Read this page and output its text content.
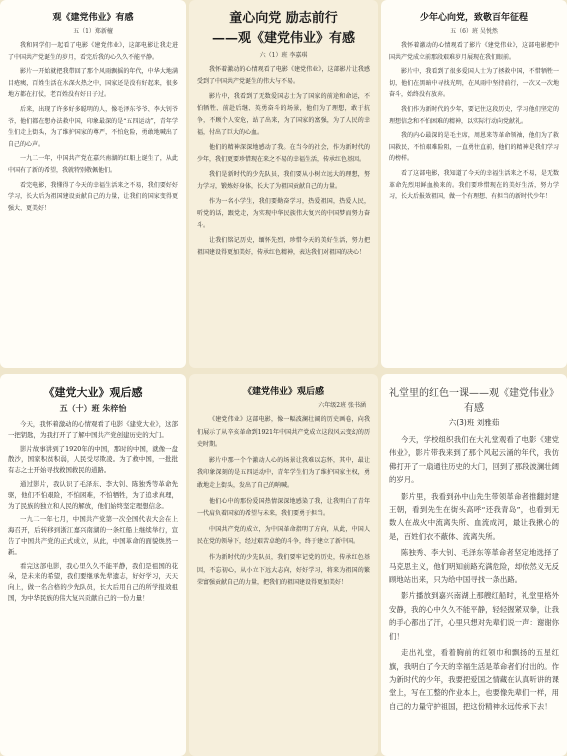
观《建党伟业》有感
五（1）郑新檀

我和同学们一起看了电影《建党伟业》，这部电影让我走进了中国共产党诞生的岁月，看完后我的心久久不能平静。

影片一开始就把我带回了那个风雨飘摇的年代，中华大地满目疮痍，百姓生活在水深火热之中，国家还是没有好起来，很多地方都在打仗，老百姓没有好日子过。

后来，出现了许多好多聪明的人，像毛泽东爷爷、李大钊爷爷，他们都在想办法救中国，印象最深的是“五四运动”，青年学生们走上街头，为了维护国家的尊严，不怕危险，勇敢地喊出了自己的心声。

一九二一年，中国共产党在嘉兴南湖的红船上诞生了，从此中国有了新的希望，我就特别敬佩他们。

看完电影，我懂得了今天的幸福生活来之不易，我们要好好学习，长大后为祖国建设贡献自己的力量，让我们的国家变得更强大、更美好！

童心向党 励志前行
——观《建党伟业》有感
六（1）班 李嘉琪

我怀着激动的心情观看了电影《建党伟业》，这部影片让我感受到了中国共产党诞生的伟大与不易。

影片中，我看到了无数爱国志士为了国家的前途和命运，不怕牺牲、前赴后继、英勇奋斗的场景，他们为了理想，敢于抗争，不顾个人安危，站了出来，为了国家的富强，为了人民的幸福，付出了巨大的心血。

他们的精神深深地感动了我。在当今的社会，作为新时代的少年，我们更要珍惜现在来之不易的幸福生活，传承红色基因。

我们是新时代的少先队员，我们要从小树立远大的理想，努力学习，锻炼好身体，长大了为祖国贡献自己的力量。

作为一名小学生，我们要勤奋学习，热爱祖国，热爱人民，听党的话，跟党走，为实现中华民族伟大复兴的中国梦而努力奋斗。

让我们铭记历史，缅怀先烈，珍惜今天的美好生活，努力把祖国建设得更加美好，传承红色精神，表达我们对祖国的决心！

少年心向党，致敬百年征程
五（6）班 吴悦然

我怀着激动的心情观看了影片《建党伟业》，这部电影把中国共产党成立前那段艰难岁月展现在我们眼前。

影片中，我看到了很多爱国人士为了拯救中国，不惜牺牲一切，他们在黑暗中寻找光明，在风雨中坚持前行，一次又一次地奋斗，始终没有放弃。

我们作为新时代的少年，要记住这段历史，学习他们坚定的理想信念和不怕困难的精神，以实际行动向党献礼。

我的内心最深的是毛主席，周恩来等革命领袖，他们为了救国救民，不怕艰难险阻，一直勇往直前，他们的精神是我们学习的榜样。

看了这部电影，我知道了今天的幸福生活来之不易，是无数革命先烈用鲜血换来的。我们要珍惜现在的美好生活，努力学习，长大后报效祖国，做一个有理想、有担当的新时代少年！

《建党大业》观后感
五（十）班 朱梓怡

今天，我怀着激动的心情观看了电影《建党大业》，这部一把钥匙，为我打开了了解中国共产党创建历史的大门。

影片故事讲到了1920年的中国，那时的中国，就像一盘散沙，国家积贫积弱，人民受尽欺凌。为了救中国，一批批有志之士开始寻找救国救民的道路。

通过影片，我认识了毛泽东、李大钊、陈独秀等革命先驱，他们不怕艰险，不怕困难，不怕牺牲，为了追求真理，为了民族的独立和人民的解放，他们始终坚定理想信念。

一九二一年七月，中国共产党第一次全国代表大会在上海召开，后转移到浙江嘉兴南湖的一条红船上继续举行，宣告了中国共产党的正式成立，从此，中国革命的面貌焕然一新。

看完这部电影，我心里久久不能平静，我们是祖国的花朵，是未来的希望，我们要继承先辈遗志，好好学习，天天向上，做一名合格的少先队员，长大后用自己的所学报效祖国，为中华民族的伟大复兴贡献自己的一份力量！

《建党伟业》观后感
六年级2班 张书涵

《建党伟业》这部电影，像一幅波澜壮阔的历史画卷，向我们展示了从辛亥革命到1921年中国共产党成立这段风云变幻的历史时期。

影片中那一个个激动人心的场景让我难以忘怀，其中，最让我印象深刻的是五四运动中，青年学生们为了维护国家主权，勇敢地走上街头，发出了自己的呐喊。

他们心中的那份爱国热情深深地感染了我，让我明白了青年一代肩负着国家的希望与未来，我们要勇于担当。

中国共产党的成立，为中国革命指明了方向，从此，中国人民在党的领导下，经过艰苦卓绝的斗争，终于建立了新中国。

作为新时代的少先队员，我们要牢记党的历史，传承红色基因，不忘初心，从小立下远大志向，好好学习，将来为祖国的繁荣富强贡献自己的力量，把我们的祖国建设得更加美好！

礼堂里的红色一课——观《建党伟业》有感
六(3)班 刘雅茹

今天，学校组织我们在大礼堂观看了电影《建党伟业》，影片带我来到了那个风起云涌的年代，我仿佛打开了一扇通往历史的大门，回到了那段波澜壮阔的岁月。

影片里，我看到孙中山先生带领革命者推翻封建王朝，看到先生在街头高呼“还我青岛”，也看到无数人在战火中流离失所、血流成河，最让我揪心的是，百姓们衣不蔽体、流离失所。

陈独秀、李大钊、毛泽东等革命者坚定地选择了马克思主义，他们明知前路充满危险，却依然义无反顾地站出来，只为给中国寻找一条出路。

影片播放到嘉兴南湖上那艘红船时，礼堂里格外安静，我的心中久久不能平静，轻轻握紧双拳，让我的手心都出了汗，心里只想对先辈们说一声：谢谢你们！

走出礼堂，看着胸前的红领巾和飘扬的五星红旗，我明白了今天的幸福生活是革命者们付出的。作为新时代的少年，我要把爱国之情藏在认真听讲的课堂上，写在工整的作业本上，也要像先辈们一样，用自己的力量守护祖国，把这份精神永远传承下去！
